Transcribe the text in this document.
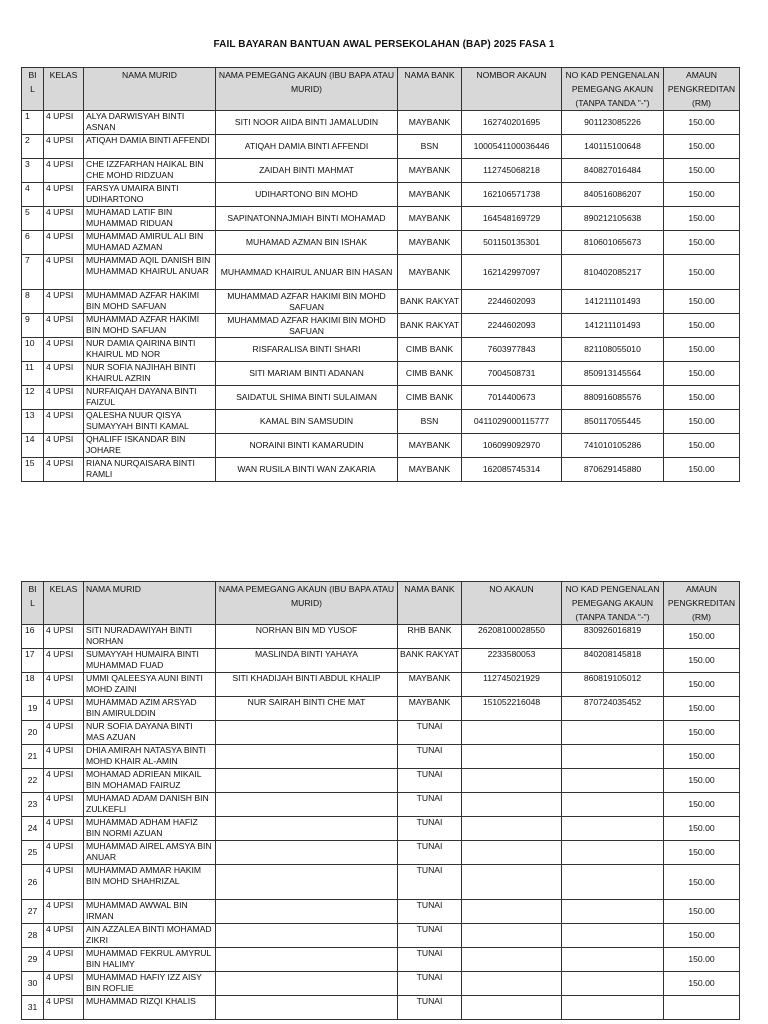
FAIL BAYARAN BANTUAN AWAL PERSEKOLAHAN (BAP) 2025 FASA 1
BI
L	KELAS	NAMA MURID	NAMA PEMEGANG AKAUN (IBU BAPA ATAU MURID)	NAMA BANK	NOMBOR AKAUN	NO KAD PENGENALAN PEMEGANG AKAUN (TANPA TANDA "-")	AMAUN PENGKREDITAN (RM)
1	4 UPSI	ALYA DARWISYAH BINTI ASNAN	SITI NOOR AIIDA BINTI JAMALUDIN	MAYBANK	162740201695	901123085226	150.00
2	4 UPSI	ATIQAH DAMIA BINTI AFFENDI	ATIQAH DAMIA BINTI AFFENDI	BSN	1000541100036446	140115100648	150.00
3	4 UPSI	CHE IZZFARHAN HAIKAL BIN CHE MOHD RIDZUAN	ZAIDAH BINTI MAHMAT	MAYBANK	112745068218	840827016484	150.00
4	4 UPSI	FARSYA UMAIRA BINTI UDIHARTONO	UDIHARTONO BIN MOHD	MAYBANK	162106571738	840516086207	150.00
5	4 UPSI	MUHAMAD LATIF BIN MUHAMMAD RIDUAN	SAPINATONNAJMIAH BINTI MOHAMAD	MAYBANK	164548169729	890212105638	150.00
6	4 UPSI	MUHAMMAD AMIRUL ALI BIN MUHAMAD AZMAN	MUHAMAD AZMAN BIN ISHAK	MAYBANK	501150135301	810601065673	150.00
7	4 UPSI	MUHAMMAD AQIL DANISH BIN MUHAMMAD KHAIRUL ANUAR	MUHAMMAD KHAIRUL ANUAR BIN HASAN	MAYBANK	162142997097	810402085217	150.00
8	4 UPSI	MUHAMMAD AZFAR HAKIMI BIN MOHD SAFUAN	MUHAMMAD AZFAR HAKIMI BIN MOHD SAFUAN	BANK RAKYAT	2244602093	141211101493	150.00
9	4 UPSI	MUHAMMAD AZFAR HAKIMI BIN MOHD SAFUAN	MUHAMMAD AZFAR HAKIMI BIN MOHD SAFUAN	BANK RAKYAT	2244602093	141211101493	150.00
10	4 UPSI	NUR DAMIA QAIRINA BINTI KHAIRUL MD NOR	RISFARALISA BINTI SHARI	CIMB BANK	7603977843	821108055010	150.00
11	4 UPSI	NUR SOFIA NAJIHAH BINTI KHAIRUL AZRIN	SITI MARIAM BINTI ADANAN	CIMB BANK	7004508731	850913145564	150.00
12	4 UPSI	NURFAIQAH DAYANA BINTI FAIZUL	SAIDATUL SHIMA BINTI SULAIMAN	CIMB BANK	7014400673	880916085576	150.00
13	4 UPSI	QALESHA NUUR QISYA SUMAYYAH BINTI KAMAL	KAMAL BIN SAMSUDIN	BSN	0411029000115777	850117055445	150.00
14	4 UPSI	QHALIFF ISKANDAR BIN JOHARE	NORAINI BINTI KAMARUDIN	MAYBANK	106099092970	741010105286	150.00
15	4 UPSI	RIANA NURQAISARA BINTI RAMLI	WAN RUSILA BINTI WAN ZAKARIA	MAYBANK	162085745314	870629145880	150.00
BI
L	KELAS	NAMA MURID	NAMA PEMEGANG AKAUN (IBU BAPA ATAU MURID)	NAMA BANK	NO AKAUN	NO KAD PENGENALAN PEMEGANG AKAUN (TANPA TANDA "-")	AMAUN PENGKREDITAN (RM)
16	4 UPSI	SITI NURADAWIYAH BINTI NORHAN	NORHAN BIN MD YUSOF	RHB BANK	26208100028550	830926016819	150.00
17	4 UPSI	SUMAYYAH HUMAIRA BINTI MUHAMMAD FUAD	MASLINDA BINTI YAHAYA	BANK RAKYAT	2233580053	840208145818	150.00
18	4 UPSI	UMMI QALEESYA AUNI BINTI MOHD ZAINI	SITI KHADIJAH BINTI ABDUL KHALIP	MAYBANK	112745021929	860819105012	150.00
19	4 UPSI	MUHAMMAD AZIM ARSYAD BIN AMIRULDDIN	NUR SAIRAH BINTI CHE MAT	MAYBANK	151052216048	870724035452	150.00
20	4 UPSI	NUR SOFIA DAYANA BINTI MAS AZUAN		TUNAI			150.00
21	4 UPSI	DHIA AMIRAH NATASYA BINTI MOHD KHAIR AL-AMIN		TUNAI			150.00
22	4 UPSI	MOHAMAD ADRIEAN MIKAIL BIN MOHAMAD FAIRUZ		TUNAI			150.00
23	4 UPSI	MUHAMAD ADAM DANISH BIN ZULKEFLI		TUNAI			150.00
24	4 UPSI	MUHAMMAD ADHAM HAFIZ BIN NORMI AZUAN		TUNAI			150.00
25	4 UPSI	MUHAMMAD AIREL AMSYA BIN ANUAR		TUNAI			150.00
26	4 UPSI	MUHAMMAD AMMAR HAKIM BIN MOHD SHAHRIZAL		TUNAI			150.00
27	4 UPSI	MUHAMMAD AWWAL BIN IRMAN		TUNAI			150.00
28	4 UPSI	AIN AZZALEA BINTI MOHAMAD ZIKRI		TUNAI			150.00
29	4 UPSI	MUHAMMAD FEKRUL AMYRUL BIN HALIMY		TUNAI			150.00
30	4 UPSI	MUHAMMAD HAFIY IZZ AISY BIN ROFLIE		TUNAI			150.00
31	4 UPSI	MUHAMMAD RIZQI KHALIS		TUNAI			
